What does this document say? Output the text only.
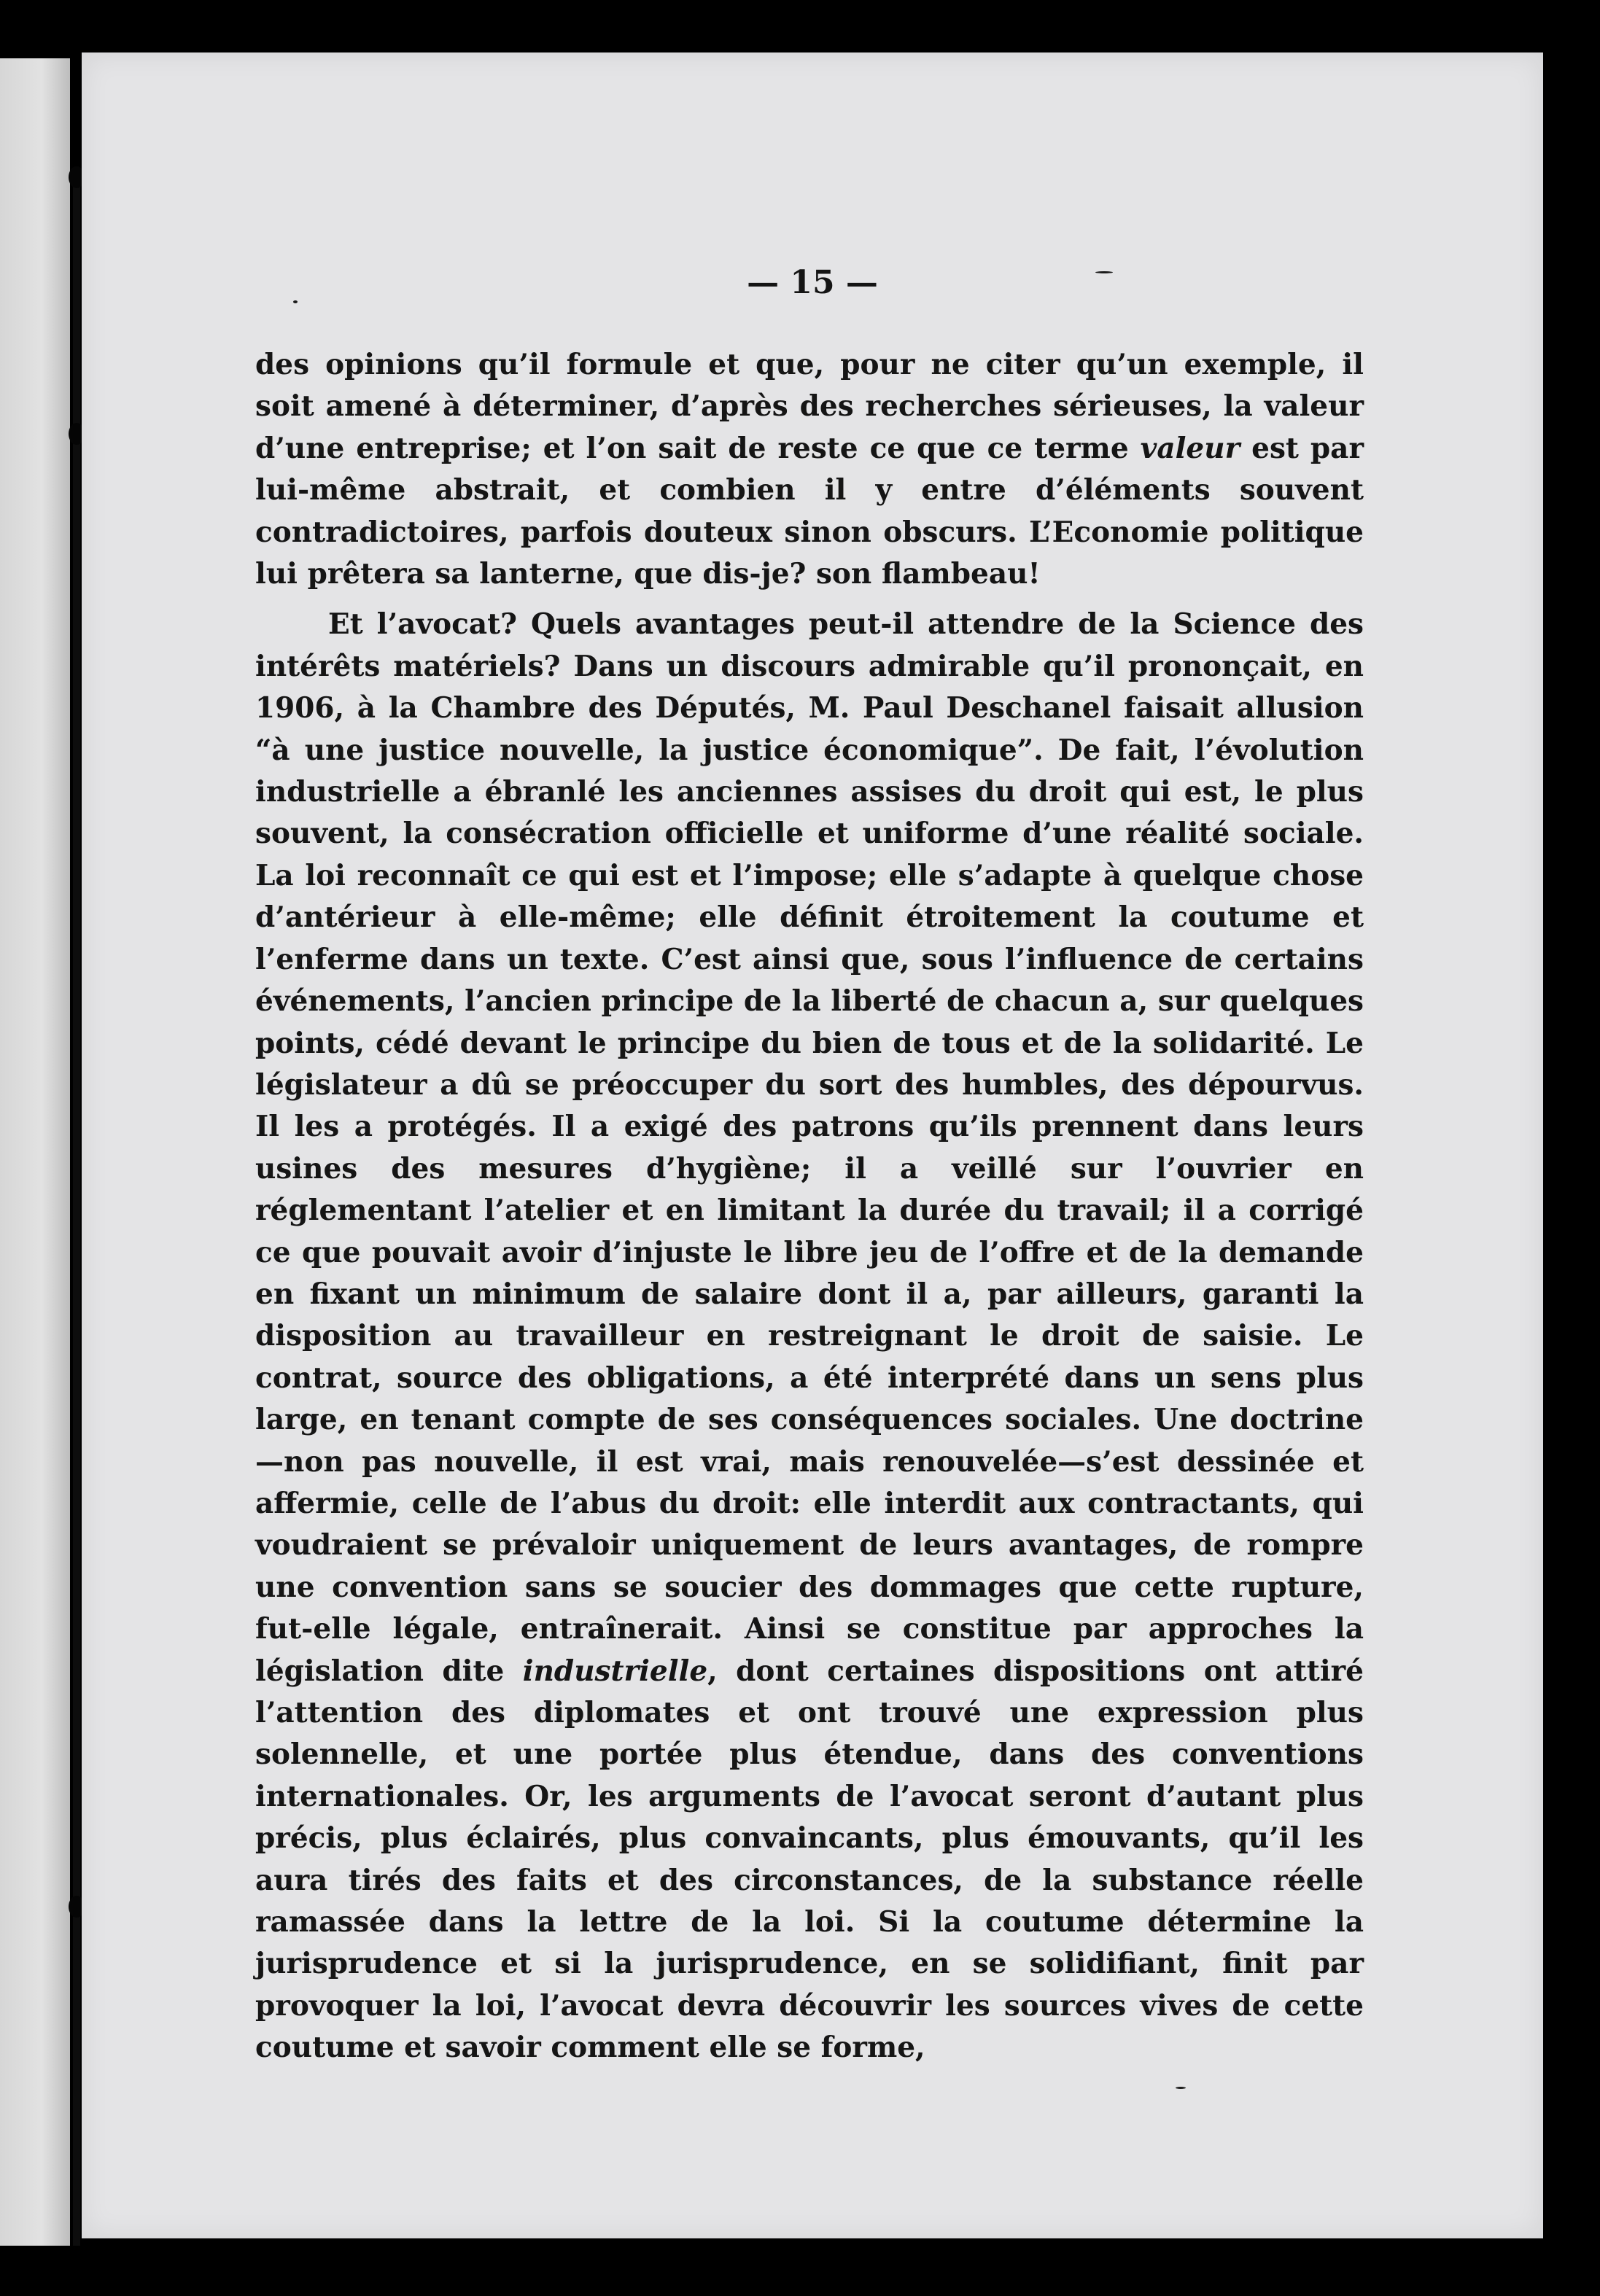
— 15 —

des opinions qu’il formule et que, pour ne citer qu’un exemple, il soit amené à déterminer, d’après des recherches sérieuses, la valeur d’une entreprise; et l’on sait de reste ce que ce terme valeur est par lui-même abstrait, et combien il y entre d’éléments souvent contradictoires, parfois douteux sinon obscurs. L’Economie politique lui prêtera sa lanterne, que dis-je? son flambeau!

Et l’avocat? Quels avantages peut-il attendre de la Science des intérêts matériels? Dans un discours admirable qu’il prononçait, en 1906, à la Chambre des Députés, M. Paul Deschanel faisait allusion “à une justice nouvelle, la justice économique”. De fait, l’évolution industrielle a ébranlé les anciennes assises du droit qui est, le plus souvent, la consécration officielle et uniforme d’une réalité sociale. La loi reconnaît ce qui est et l’impose; elle s’adapte à quelque chose d’antérieur à elle-même; elle définit étroitement la coutume et l’enferme dans un texte. C’est ainsi que, sous l’influence de certains événements, l’ancien principe de la liberté de chacun a, sur quelques points, cédé devant le principe du bien de tous et de la solidarité. Le législateur a dû se préoccuper du sort des humbles, des dépourvus. Il les a protégés. Il a exigé des patrons qu’ils prennent dans leurs usines des mesures d’hygiène; il a veillé sur l’ouvrier en réglementant l’atelier et en limitant la durée du travail; il a corrigé ce que pouvait avoir d’injuste le libre jeu de l’offre et de la demande en fixant un minimum de salaire dont il a, par ailleurs, garanti la disposition au travailleur en restreignant le droit de saisie. Le contrat, source des obligations, a été interprété dans un sens plus large, en tenant compte de ses conséquences sociales. Une doctrine—non pas nouvelle, il est vrai, mais renouvelée—s’est dessinée et affermie, celle de l’abus du droit: elle interdit aux contractants, qui voudraient se prévaloir uniquement de leurs avantages, de rompre une convention sans se soucier des dommages que cette rupture, fut-elle légale, entraînerait. Ainsi se constitue par approches la législation dite industrielle, dont certaines dispositions ont attiré l’attention des diplomates et ont trouvé une expression plus solennelle, et une portée plus étendue, dans des conventions internationales. Or, les arguments de l’avocat seront d’autant plus précis, plus éclairés, plus convaincants, plus émouvants, qu’il les aura tirés des faits et des circonstances, de la substance réelle ramassée dans la lettre de la loi. Si la coutume détermine la jurisprudence et si la jurisprudence, en se solidifiant, finit par provoquer la loi, l’avocat devra découvrir les sources vives de cette coutume et savoir comment elle se forme,
